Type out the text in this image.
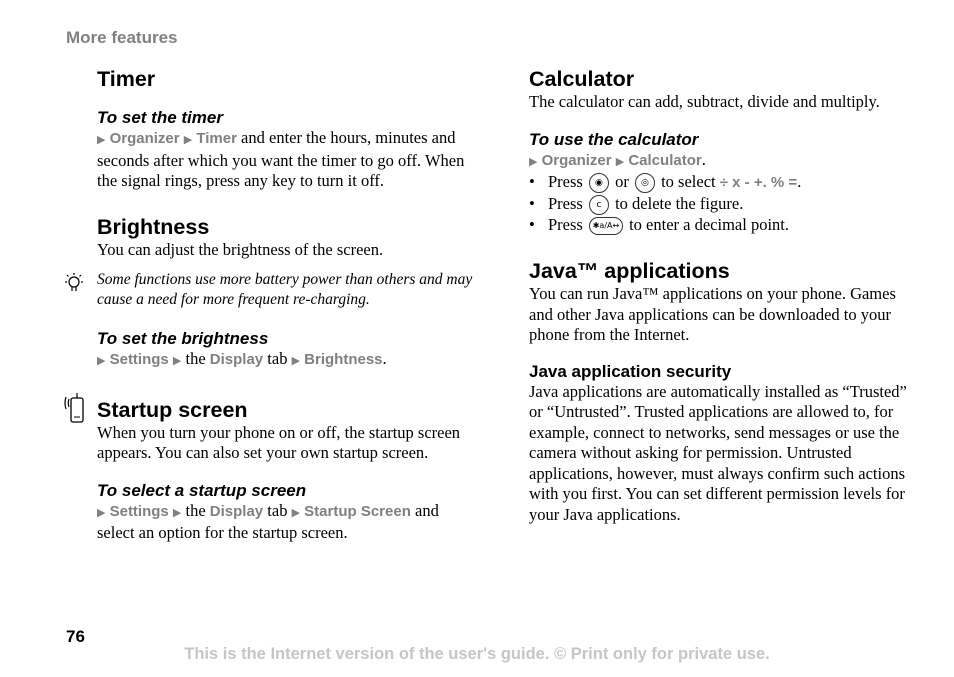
More features
Timer
To set the timer

▶ Organizer ▶ Timer and enter the hours, minutes and seconds after which you want the timer to go off. When the signal rings, press any key to turn it off.

Brightness

You can adjust the brightness of the screen.

Some functions use more battery power than others and may cause a need for more frequent re-charging.

To set the brightness

▶ Settings ▶ the Display tab ▶ Brightness.

Startup screen

When you turn your phone on or off, the startup screen appears. You can also set your own startup screen.

To select a startup screen

▶ Settings ▶ the Display tab ▶ Startup Screen and select an option for the startup screen.

Calculator

The calculator can add, subtract, divide and multiply.

To use the calculator

▶ Organizer ▶ Calculator.

• Press ◉ or ◎ to select ÷ x - +. % =.
• Press c to delete the figure.
• Press ✱a/A↔ to enter a decimal point.
Java™ applications

You can run Java™ applications on your phone. Games and other Java applications can be downloaded to your phone from the Internet.

Java application security

Java applications are automatically installed as “Trusted” or “Untrusted”. Trusted applications are allowed to, for example, connect to networks, send messages or use the camera without asking for permission. Untrusted applications, however, must always confirm such actions with you first. You can set different permission levels for your Java applications.

76
This is the Internet version of the user's guide. © Print only for private use.
